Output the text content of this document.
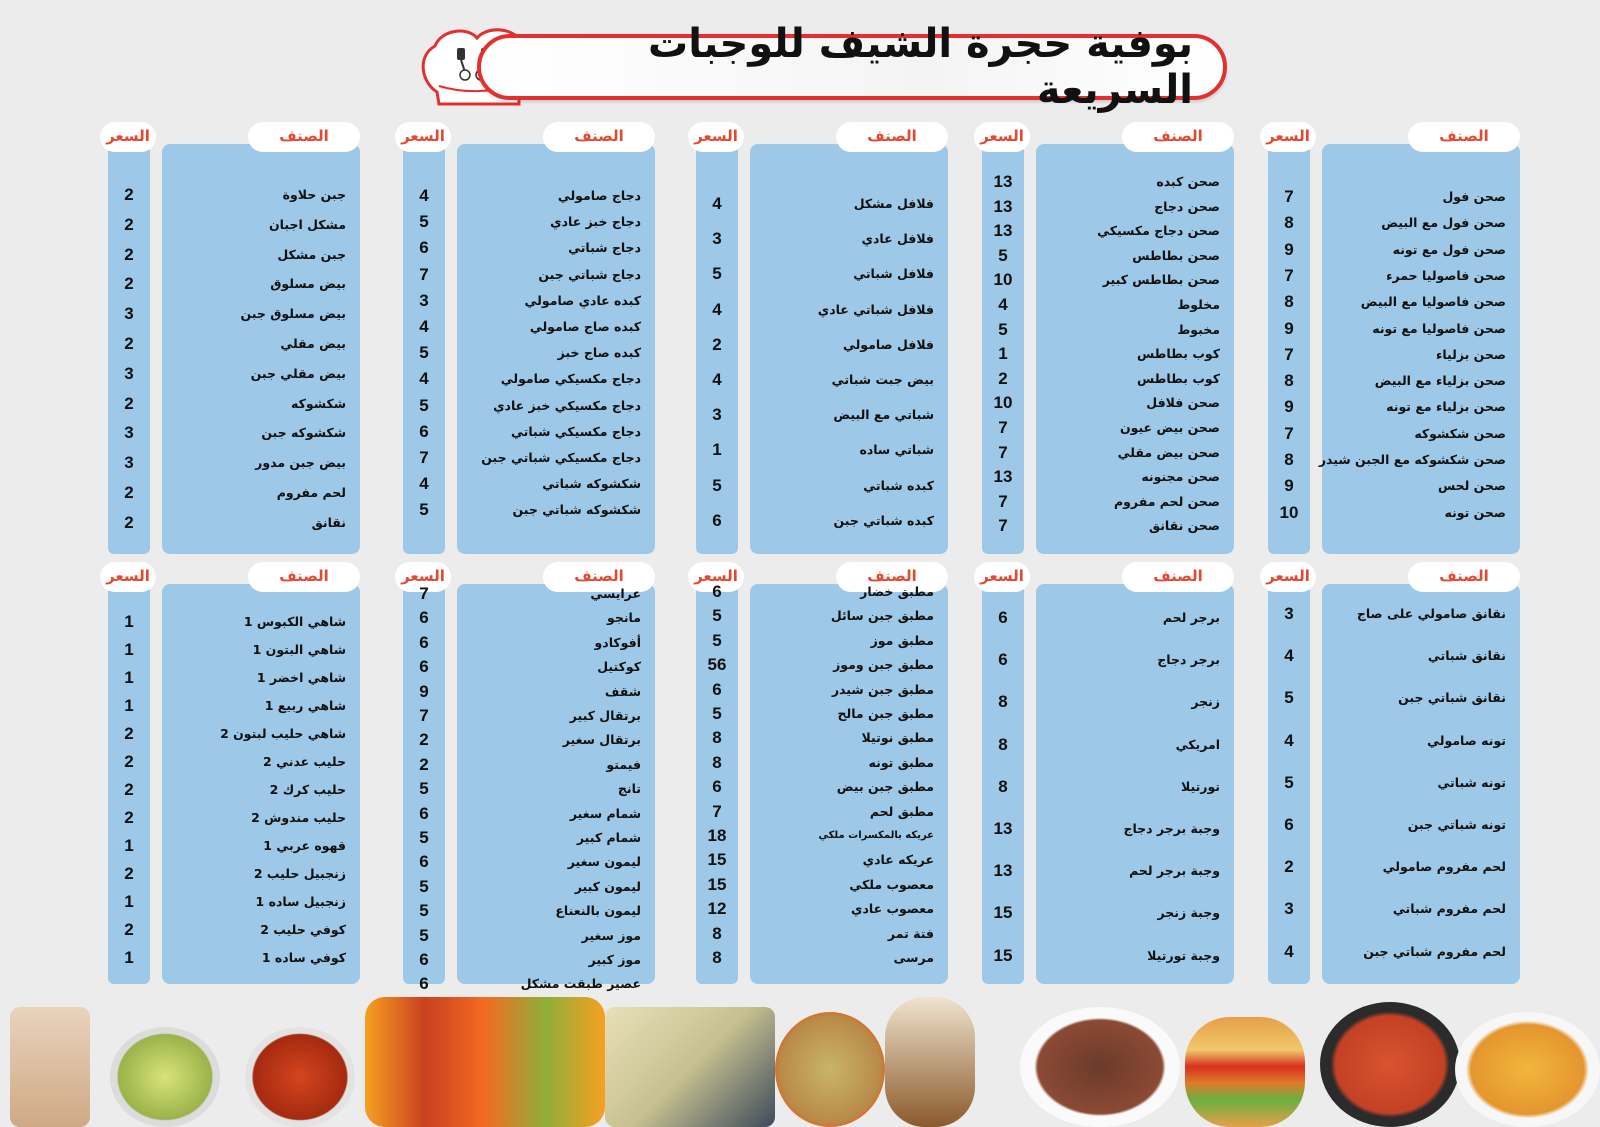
بوفية حجرة الشيف للوجبات السريعة
السعر	الصنف
7	صحن فول
8	صحن فول مع البيض
9	صحن فول مع تونه
7	صحن فاصوليا حمرء
8	صحن فاصوليا مع البيض
9	صحن فاصوليا مع تونه
7	صحن بزلياء
8	صحن بزلياء مع البيض
9	صحن بزلياء مع تونه
7	صحن شكشوكه
8	صحن شكشوكه مع الجبن شيدر
9	صحن لحس
10	صحن تونه
السعر	الصنف
13	صحن كبده
13	صحن دجاج
13	صحن دجاج مكسيكي
5	صحن بطاطس
10	صحن بطاطس كبير
4	مخلوط
5	مخبوط
1	كوب بطاطس
2	كوب بطاطس
10	صحن فلافل
7	صحن بيض عيون
7	صحن بيض مقلي
13	صحن مجنونه
7	صحن لحم مفروم
7	صحن نقانق
السعر	الصنف
4	فلافل مشكل
3	فلافل عادي
5	فلافل شباتي
4	فلافل شباتي عادي
2	فلافل صامولي
4	بيض جبت شباتي
3	شباتي مع البيض
1	شباتي ساده
5	كبده شباتي
6	كبده شباتي جبن
السعر	الصنف
4	دجاج صامولي
5	دجاج خبز عادي
6	دجاج شباتي
7	دجاج شباتي جبن
3	كبده عادي صامولي
4	كبده صاج صامولي
5	كبده صاج خبز
4	دجاج مكسيكي صامولي
5	دجاج مكسيكي خبز عادي
6	دجاج مكسيكي شباتي
7	دجاج مكسيكي شباتي جبن
4	شكشوكه شباتي
5	شكشوكه شباتي جبن
السعر	الصنف
2	جبن حلاوة
2	مشكل اجبان
2	جبن مشكل
2	بيض مسلوق
3	بيض مسلوق جبن
2	بيض مقلي
3	بيض مقلي جبن
2	شكشوكه
3	شكشوكه جبن
3	بيض جبن مدور
2	لحم مفروم
2	نقانق
السعر	الصنف
3	نقانق صامولي على صاج
4	نقانق شباتي
5	نقانق شباتي جبن
4	تونه صامولي
5	تونه شباتي
6	تونه شباتي جبن
2	لحم مفروم صامولي
3	لحم مفروم شباتي
4	لحم مفروم شباتي جبن
السعر	الصنف
6	برجر لحم
6	برجر دجاج
8	زنجر
8	امريكي
8	تورتيلا
13	وجبة برجر دجاج
13	وجبة برجر لحم
15	وجبة زنجر
15	وجبة تورتيلا
السعر	الصنف
6	مطبق خضار
5	مطبق جبن سائل
5	مطبق موز
56	مطبق جبن وموز
6	مطبق جبن شيدر
5	مطبق جبن مالح
8	مطبق نوتيلا
8	مطبق تونه
6	مطبق جبن بيض
7	مطبق لحم
18	عريكه بالمكسرات ملكي
15	عريكه عادي
15	معصوب ملكي
12	معصوب عادي
8	فتة تمر
8	مرسى
السعر	الصنف
7	عرايسي
6	مانجو
6	أفوكادو
6	كوكتيل
9	شقف
7	برتقال كبير
2	برتقال سغير
2	فيمتو
5	تانج
6	شمام سغير
5	شمام كبير
6	ليمون سغير
5	ليمون كبير
5	ليمون بالنعناع
5	موز سغير
6	موز كبير
6	عصير طبقت مشكل
السعر	الصنف
1	شاهي الكبوس 1
1	شاهي البتون 1
1	شاهي اخضر 1
1	شاهي ربيع 1
2	شاهي حليب لبتون 2
2	حليب عدني 2
2	حليب كرك 2
2	حليب مندوش 2
1	قهوه عربي 1
2	زنجبيل حليب 2
1	زنجبيل ساده 1
2	كوفي حليب 2
1	كوفي ساده 1
